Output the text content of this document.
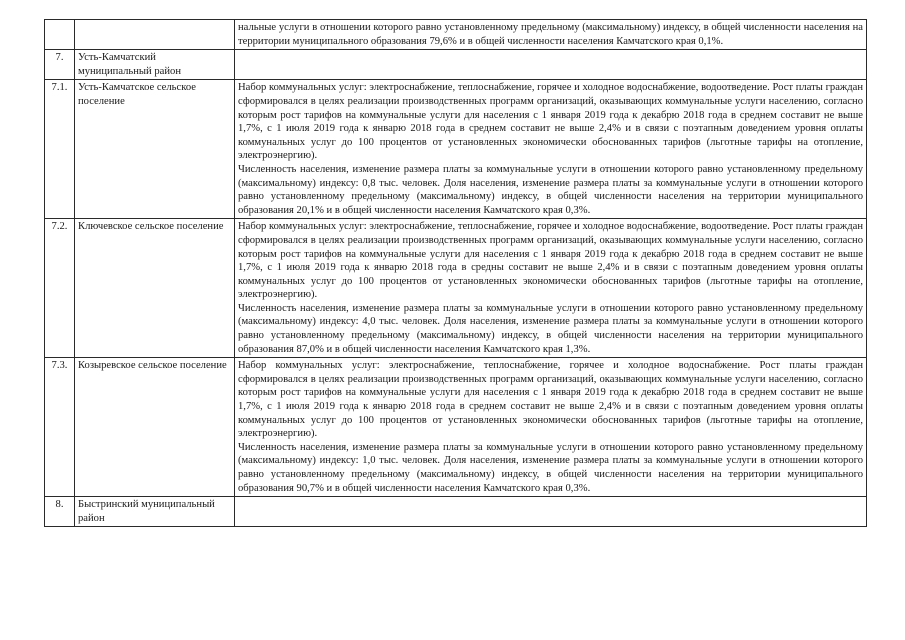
		нальные услуги в отношении которого равно установленному предельному (максимальному) индексу, в общей численности населения на территории муниципального образования 79,6% и в общей численности населения Камчатского края 0,1%.

7.	Усть-Камчатский муниципальный район	
7.1.	Усть-Камчатское сельское поселение	Набор коммунальных услуг: электроснабжение, теплоснабжение, горячее и холодное водоснабжение, водоотведение. Рост платы граждан сформировался в целях реализации производственных программ организаций, оказывающих коммунальные услуги населению, согласно которым рост тарифов на коммунальные услуги для населения с 1 января 2019 года к декабрю 2018 года в среднем составит не выше 1,7%, с 1 июля 2019 года к январю 2018 года в среднем составит не выше 2,4% и в связи с поэтапным доведением уровня оплаты коммунальных услуг до 100 процентов от установленных экономически обоснованных тарифов (льготные тарифы на отопление, электроэнергию).

Численность населения, изменение размера платы за коммунальные услуги в отношении которого равно установленному предельному (максимальному) индексу: 0,8 тыс. человек. Доля населения, изменение размера платы за коммунальные услуги в отношении которого равно установленному предельному (максимальному) индексу, в общей численности населения на территории муниципального образования 20,1% и в общей численности населения Камчатского края 0,3%.

7.2.	Ключевское сельское поселение	Набор коммунальных услуг: электроснабжение, теплоснабжение, горячее и холодное водоснабжение, водоотведение. Рост платы граждан сформировался в целях реализации производственных программ организаций, оказывающих коммунальные услуги населению, согласно которым рост тарифов на коммунальные услуги для населения с 1 января 2019 года к декабрю 2018 года в среднем составит не выше 1,7%, с 1 июля 2019 года к январю 2018 года в средны составит не выше 2,4% и в связи с поэтапным доведением уровня оплаты коммунальных услуг до 100 процентов от установленных экономически обоснованных тарифов (льготные тарифы на отопление, электроэнергию).

Численность населения, изменение размера платы за коммунальные услуги в отношении которого равно установленному предельному (максимальному) индексу: 4,0 тыс. человек. Доля населения, изменение размера платы за коммунальные услуги в отношении которого равно установленному предельному (максимальному) индексу, в общей численности населения на территории муниципального образования 87,0% и в общей численности населения Камчатского края 1,3%.

7.3.	Козыревское сельское поселение	Набор коммунальных услуг: электроснабжение, теплоснабжение, горячее и холодное водоснабжение. Рост платы граждан сформировался в целях реализации производственных программ организаций, оказывающих коммунальные услуги населению, согласно которым рост тарифов на коммунальные услуги для населения с 1 января 2019 года к декабрю 2018 года в среднем составит не выше 1,7%, с 1 июля 2019 года к январю 2018 года в среднем составит не выше 2,4% и в связи с поэтапным доведением уровня оплаты коммунальных услуг до 100 процентов от установленных экономически обоснованных тарифов (льготные тарифы на отопление, электроэнергию).

Численность населения, изменение размера платы за коммунальные услуги в отношении которого равно установленному предельному (максимальному) индексу: 1,0 тыс. человек. Доля населения, изменение размера платы за коммунальные услуги в отношении которого равно установленному предельному (максимальному) индексу, в общей численности населения на территории муниципального образования 90,7% и в общей численности населения Камчатского края 0,3%.

8.	Быстринский муниципальный район	
